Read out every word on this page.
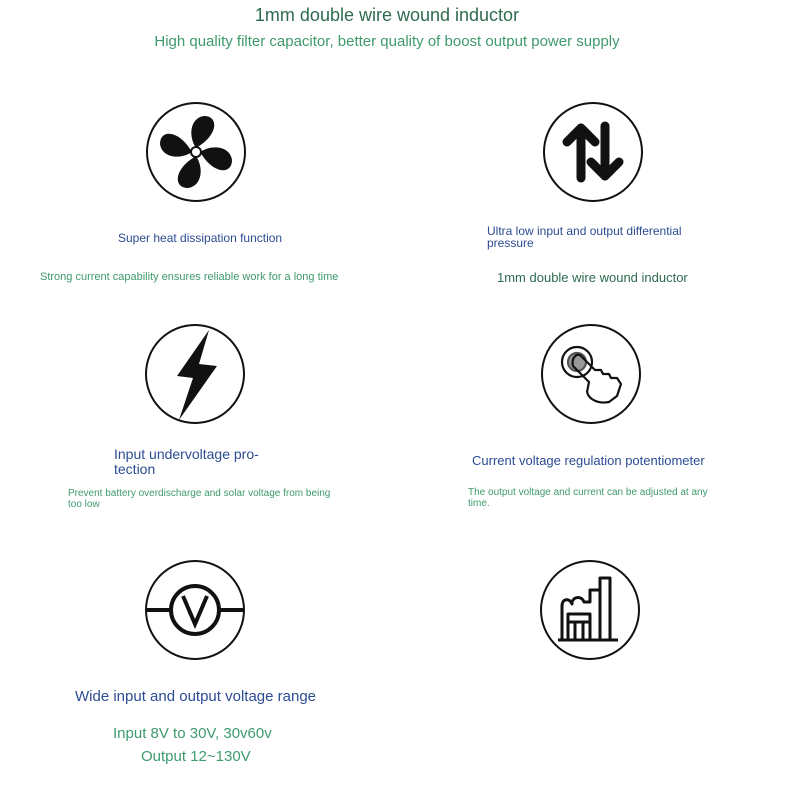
1mm double wire wound inductor
High quality filter capacitor, better quality of boost output power supply
Super heat dissipation function
Strong current capability ensures reliable work for a long time
Ultra low input and output differential
pressure
1mm double wire wound inductor
Input undervoltage pro-
tection
Prevent battery overdischarge and solar voltage from being
too low
Current voltage regulation potentiometer
The output voltage and current can be adjusted at any
time.
Wide input and output voltage range
Input 8V to 30V, 30v60v
Output 12~130V
